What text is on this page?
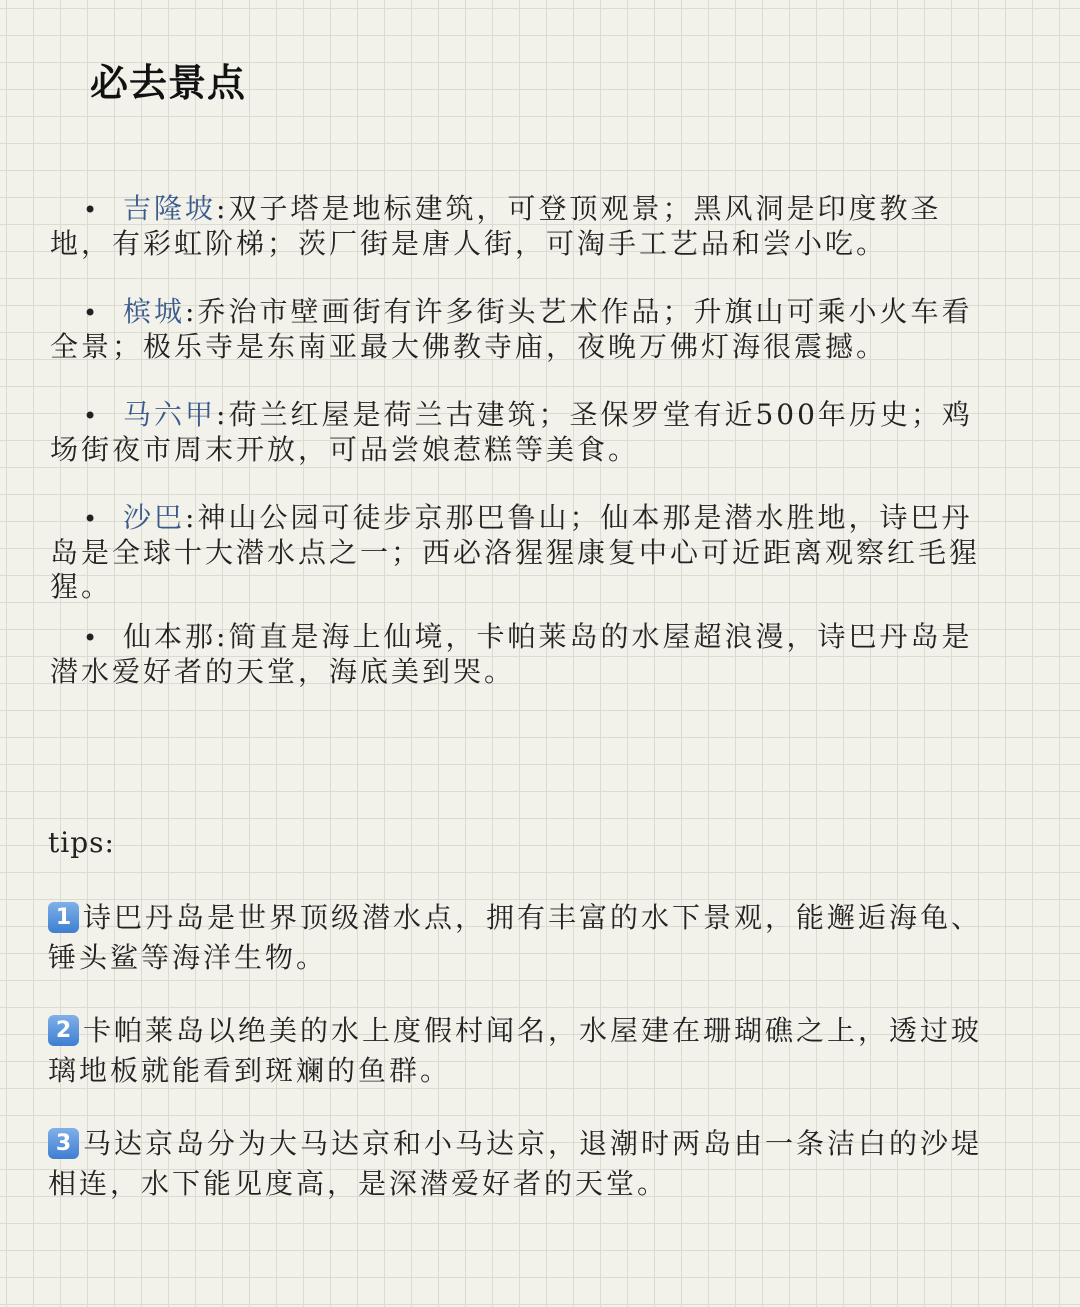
必去景点
• 吉隆坡:双子塔是地标建筑，可登顶观景；黑风洞是印度教圣地，有彩虹阶梯；茨厂街是唐人街，可淘手工艺品和尝小吃。
• 槟城:乔治市壁画街有许多街头艺术作品；升旗山可乘小火车看全景；极乐寺是东南亚最大佛教寺庙，夜晚万佛灯海很震撼。
• 马六甲:荷兰红屋是荷兰古建筑；圣保罗堂有近500年历史；鸡场街夜市周末开放，可品尝娘惹糕等美食。
• 沙巴:神山公园可徒步京那巴鲁山；仙本那是潜水胜地，诗巴丹岛是全球十大潜水点之一；西必洛猩猩康复中心可近距离观察红毛猩猩。
• 仙本那:简直是海上仙境，卡帕莱岛的水屋超浪漫，诗巴丹岛是潜水爱好者的天堂，海底美到哭。

tips:

1 诗巴丹岛是世界顶级潜水点，拥有丰富的水下景观，能邂逅海龟、锤头鲨等海洋生物。
2 卡帕莱岛以绝美的水上度假村闻名，水屋建在珊瑚礁之上，透过玻璃地板就能看到斑斓的鱼群。
3 马达京岛分为大马达京和小马达京，退潮时两岛由一条洁白的沙堤相连，水下能见度高，是深潜爱好者的天堂。
